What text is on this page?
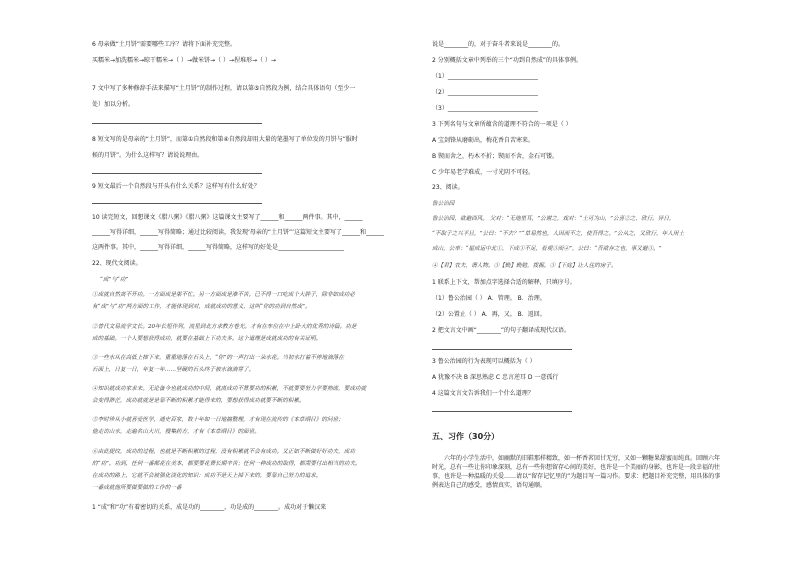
6 母亲做“土月饼”需要哪些工序？请将下面补充完整。
买糯米→加洗糯米→晾干糯米→（ ）→做米饼→（ ）→捏堆形→（ ）→
7 文中写了多种修辞手法来描写“土月饼”的制作过程，请以第⑤自然段为例，结合具体语句（至少一
处）加以分析。
8 短文写的是母亲的“土月饼”，而第①自然段和第④自然段却用大量的笔墨写了单位发的月饼与“服时
候的月饼”。为什么这样写？请说说理由。
9 短文最后一个自然段与开头有什么关系？这样写有什么好处？
10 读完短文，回想课文《腊八粥》《腊八粥》这篇课文主要写了______和______两件事。其中，______
______写得详细，______写得简略；通过比较阅读，我发现‘母亲的“土月饼”’这篇短文主要写了______和______
这两件事。其中，______写得详细，______写得简略，这样写的好处是______________________
22、现代文阅读。
“成”与“功”
①成就自然离不开功。一方面成是果不忙。另一方面成是准不苦。已不得一口吃成个大胖子，除非如成功必
有“成”与“功”两方面的工作，才能体现到对，成就成功的意义，这叫“你的功到自然成”。
②普代文易流学文长。20年长短作列，流星到北方求教方卷光。才有在车位在中上卧大的优秀的诗篇。功是
成的基础。一个人要想获得成功，就要在基础上下功夫多。这个道理是成就成功的有关证明。
③一些水从在高低上摔下来，重重地落在石头上，“你”的一声打出一朵水花。当初水打着不停地滴落在
石面上，日复一日，年复一年……坚硬的石头终于被水滴滴穿了。
④知识就成功家求来。无论备今也就成功的中间，就离成功不算要功的积累，不就要要努力学要熟练，要成功就
会变得渺茫，成功就就是是靠不断的积累才能得来的，要想获得成功就要不断的积累。
⑤李时珍从小就喜爱医学，通史百家，数十年如一日地搞整理，才有现在流传的《本草纲目》的问世；
他走访山水，走遍名山大川，搜集药方，才有《本草纲目》的面世。
⑥由此提纹，成功的过程，也就是不断积累的过程，没有积累就不会有成功。又正如不断做好好功夫，成功
的“功”。功到，任何一番都花在美本，都要要花费长期辛苦；任何一种成功的取得，都需要付出相当的功夫。
在成功的路上，它就不会被强化淡化的知识：成功不是天上掉下来的，要靠自己努力的追求。
一番成就他所要做要做的工作的一番
1 “成”和“功”有着密切的关系，成是功的________，功是成的________。成功对于懒汉来
说是________的，对于奋斗者来说是________的。
2 分别概括文章中列举的三个“功到自然成”的具体事例。
（1）______________________________
（2）______________________________
（3）______________________________
3 下列名句与文章所蕴含的道理不符合的一项是（ ）
A 宝剑锋从磨砺出，梅花香自苦寒来。
B 锲而舍之，朽木不折；锲而不舍，金石可镂。
C 少年易老学难成，一寸光阴不可轻。
23、阅读。
鲁公治园
鲁公治园，欲避西风。 父对：“无地里耳，”公谢之，戏对：“土可为山，”公喜②之，欣行。异日，
“不取子之兴平旦，”公曰：“不去？”“草易然也，人因而不之，使吾得之。”公从之，又欣行，年人用土
成山，公率：“屋成运中北①，下成③不足，看观③而④”，公曰：“吾欲存之也，事又避③。”
④【君】农夫，谓人物。③【勤】勤勉，拨掘。③【下庭】让人住的房子。
1 联系上下文，帮加点字选择合适的解释，只填序号。
（1）鲁公治园（ ） A．管理。 B．治理。
（2）公置止（ ） A．再，又。 B．返回。
2 把文言文中画“________”的句子翻译成现代汉语。
3 鲁公治园的行为表现可以概括为（ ）
A 犹豫不决 B 深思熟虑 C 忠言逆耳 D 一意孤行
4 这篇文言文告诉我们一个什么道理？
五、习作（30分）
六年的小学生活中，如幽默的旧鞋那样精致，如一杯香茗回甘无穷，又如一颗糖果甜蜜而纯真。回顾六年时光，总有一些让你印象深刻，总有一些你想留存心间的美好，也许是一个美丽的身影，也许是一段幸福的往事，也许是一种温暖的关爱……请以“留存记忆里的”为题目写一篇习作。要求：把题目补充完整，用具体的事例表达自己的感受，感情真实，语句通顺。
